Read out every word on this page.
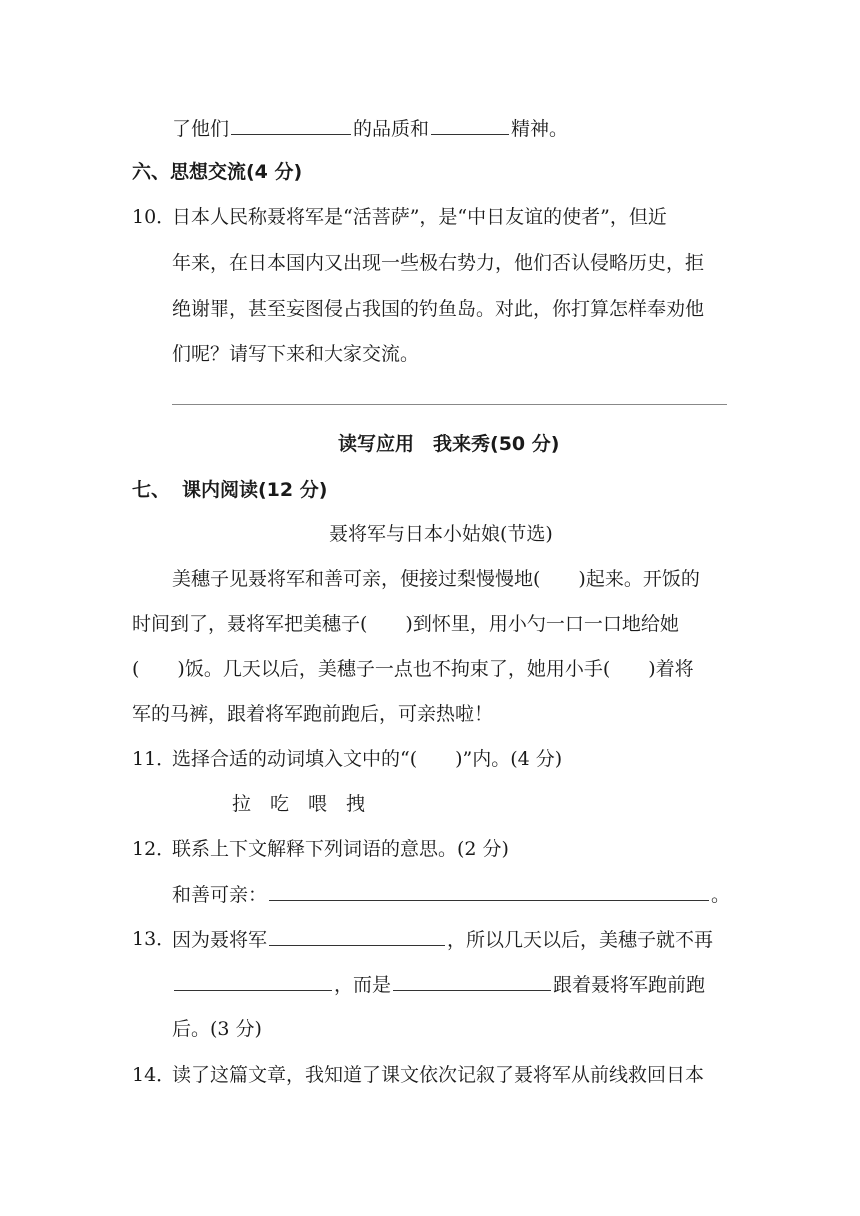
了他们	的品质和	精神。
六、思想交流(4 分)
10．
日本人民称聂将军是“活菩萨”，是“中日友谊的使者”，但近
年来，在日本国内又出现一些极右势力，他们否认侵略历史，拒
绝谢罪，甚至妄图侵占我国的钓鱼岛。对此，你打算怎样奉劝他
们呢？请写下来和大家交流。
读写应用　我来秀(50 分)
七、 课内阅读(12 分)
聂将军与日本小姑娘(节选)
美穗子见聂将军和善可亲，便接过梨慢慢地( )起来。开饭的
时间到了，聂将军把美穗子( )到怀里，用小勺一口一口地给她
( )饭。几天以后，美穗子一点也不拘束了，她用小手( )着将
军的马裤，跟着将军跑前跑后，可亲热啦！
11．
选择合适的动词填入文中的“( )”内。(4 分)
拉　吃　喂　拽
12．
联系上下文解释下列词语的意思。(2 分)
和善可亲：	。
13．
因为聂将军	，所以几天以后，美穗子就不再
，而是	跟着聂将军跑前跑
后。(3 分)
14．
读了这篇文章，我知道了课文依次记叙了聂将军从前线救回日本
